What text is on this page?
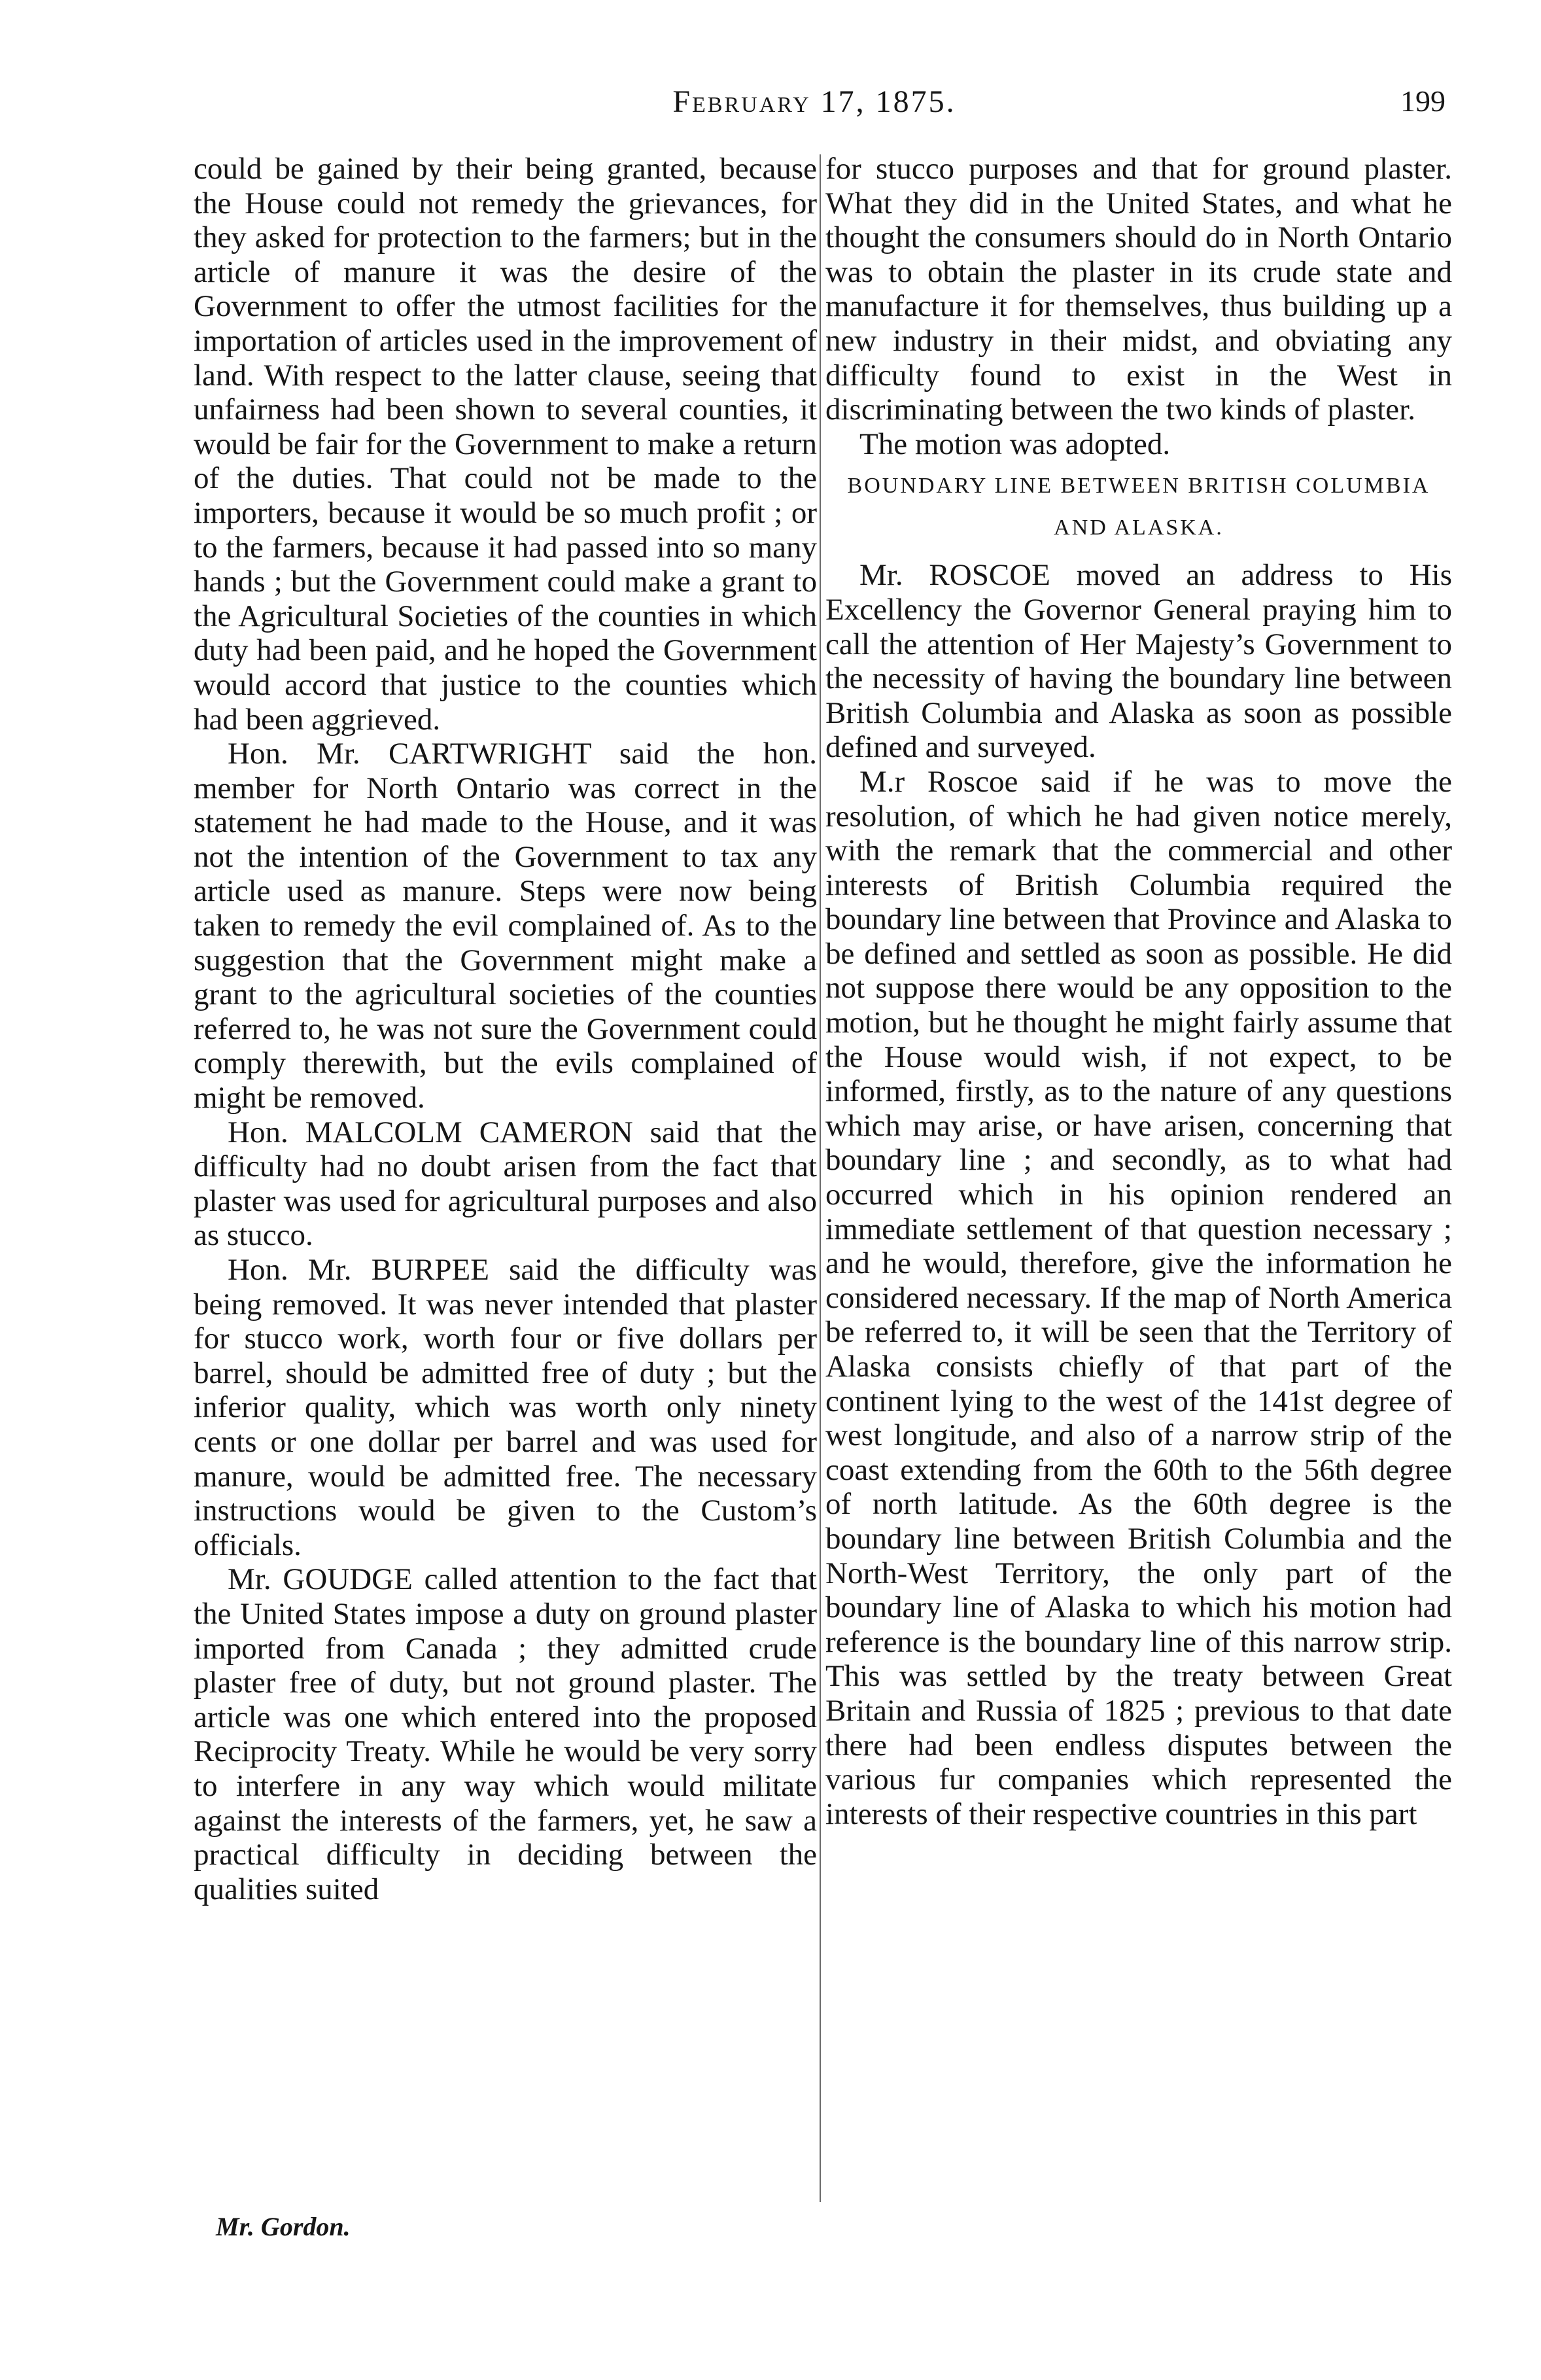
February 17, 1875.	199

could be gained by their being granted, because the House could not remedy the grievances, for they asked for protection to the farmers; but in the article of manure it was the desire of the Government to offer the utmost facilities for the importation of articles used in the improvement of land. With respect to the latter clause, seeing that unfairness had been shown to several counties, it would be fair for the Government to make a return of the duties. That could not be made to the importers, because it would be so much profit ; or to the farmers, because it had passed into so many hands ; but the Government could make a grant to the Agricultural Societies of the counties in which duty had been paid, and he hoped the Government would accord that justice to the counties which had been aggrieved.

Hon. Mr. CARTWRIGHT said the hon. member for North Ontario was correct in the statement he had made to the House, and it was not the intention of the Government to tax any article used as manure. Steps were now being taken to remedy the evil complained of. As to the suggestion that the Government might make a grant to the agricultural societies of the counties referred to, he was not sure the Government could comply therewith, but the evils complained of might be removed.

Hon. MALCOLM CAMERON said that the difficulty had no doubt arisen from the fact that plaster was used for agricultural purposes and also as stucco.

Hon. Mr. BURPEE said the difficulty was being removed. It was never intended that plaster for stucco work, worth four or five dollars per barrel, should be admitted free of duty ; but the inferior quality, which was worth only ninety cents or one dollar per barrel and was used for manure, would be admitted free. The necessary instructions would be given to the Custom’s officials.

Mr. GOUDGE called attention to the fact that the United States impose a duty on ground plaster imported from Canada ; they admitted crude plaster free of duty, but not ground plaster. The article was one which entered into the proposed Reciprocity Treaty. While he would be very sorry to interfere in any way which would militate against the interests of the farmers, yet, he saw a practical difficulty in deciding between the qualities suited

for stucco purposes and that for ground plaster. What they did in the United States, and what he thought the consumers should do in North Ontario was to obtain the plaster in its crude state and manufacture it for themselves, thus building up a new industry in their midst, and obviating any difficulty found to exist in the West in discriminating between the two kinds of plaster.

The motion was adopted.

BOUNDARY LINE BETWEEN BRITISH COLUMBIA AND ALASKA.

Mr. ROSCOE moved an address to His Excellency the Governor General praying him to call the attention of Her Majesty’s Government to the necessity of having the boundary line between British Columbia and Alaska as soon as possible defined and surveyed.

M.r Roscoe said if he was to move the resolution, of which he had given notice merely, with the remark that the commercial and other interests of British Columbia required the boundary line between that Province and Alaska to be defined and settled as soon as possible. He did not suppose there would be any opposition to the motion, but he thought he might fairly assume that the House would wish, if not expect, to be informed, firstly, as to the nature of any questions which may arise, or have arisen, concerning that boundary line ; and secondly, as to what had occurred which in his opinion rendered an immediate settlement of that question necessary ; and he would, therefore, give the information he considered necessary. If the map of North America be referred to, it will be seen that the Territory of Alaska consists chiefly of that part of the continent lying to the west of the 141st degree of west longitude, and also of a narrow strip of the coast extending from the 60th to the 56th degree of north latitude. As the 60th degree is the boundary line between British Columbia and the North-West Territory, the only part of the boundary line of Alaska to which his motion had reference is the boundary line of this narrow strip. This was settled by the treaty between Great Britain and Russia of 1825 ; previous to that date there had been endless disputes between the various fur companies which represented the interests of their respective countries in this part

Mr. Gordon.
